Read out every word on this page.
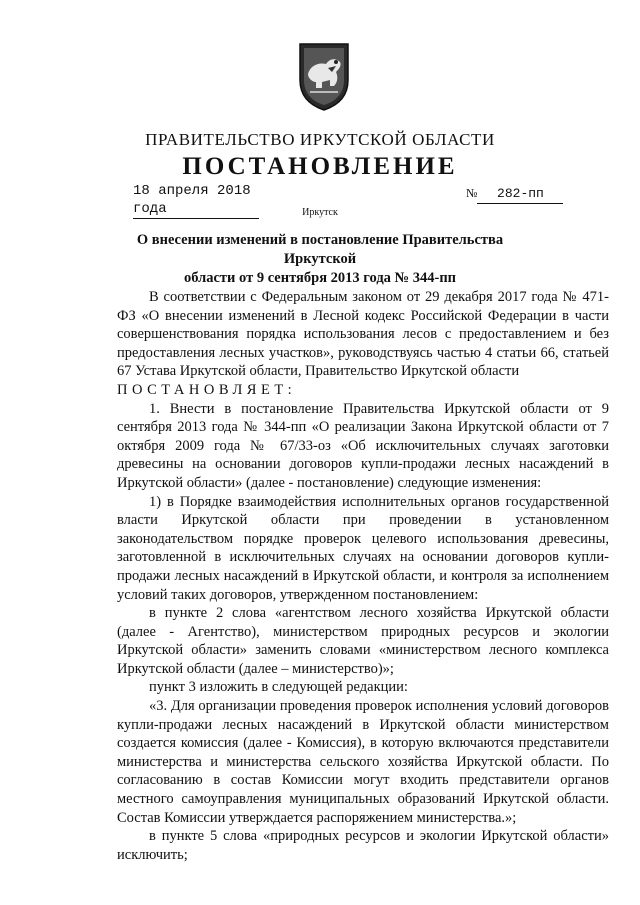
ПРАВИТЕЛЬСТВО ИРКУТСКОЙ ОБЛАСТИ
ПОСТАНОВЛЕНИЕ
18 апреля 2018 года
№ 282-пп
Иркутск
О внесении изменений в постановление Правительства Иркутской
области от 9 сентября 2013 года № 344-пп

В соответствии с Федеральным законом от 29 декабря 2017 года № 471-ФЗ «О внесении изменений в Лесной кодекс Российской Федерации в части совершенствования порядка использования лесов с предоставлением и без предоставления лесных участков», руководствуясь частью 4 статьи 66, статьей 67 Устава Иркутской области, Правительство Иркутской области

ПОСТАНОВЛЯЕТ:

1. Внести в постановление Правительства Иркутской области от 9 сентября 2013 года № 344-пп «О реализации Закона Иркутской области от 7 октября 2009 года № 67/33-оз «Об исключительных случаях заготовки древесины на основании договоров купли-продажи лесных насаждений в Иркутской области» (далее - постановление) следующие изменения:

1) в Порядке взаимодействия исполнительных органов государственной власти Иркутской области при проведении в установленном законодательством порядке проверок целевого использования древесины, заготовленной в исключительных случаях на основании договоров купли-продажи лесных насаждений в Иркутской области, и контроля за исполнением условий таких договоров, утвержденном постановлением:

в пункте 2 слова «агентством лесного хозяйства Иркутской области (далее - Агентство), министерством природных ресурсов и экологии Иркутской области» заменить словами «министерством лесного комплекса Иркутской области (далее – министерство)»;

пункт 3 изложить в следующей редакции:

«3. Для организации проведения проверок исполнения условий договоров купли-продажи лесных насаждений в Иркутской области министерством создается комиссия (далее - Комиссия), в которую включаются представители министерства и министерства сельского хозяйства Иркутской области. По согласованию в состав Комиссии могут входить представители органов местного самоуправления муниципальных образований Иркутской области. Состав Комиссии утверждается распоряжением министерства.»;

в пункте 5 слова «природных ресурсов и экологии Иркутской области» исключить;
